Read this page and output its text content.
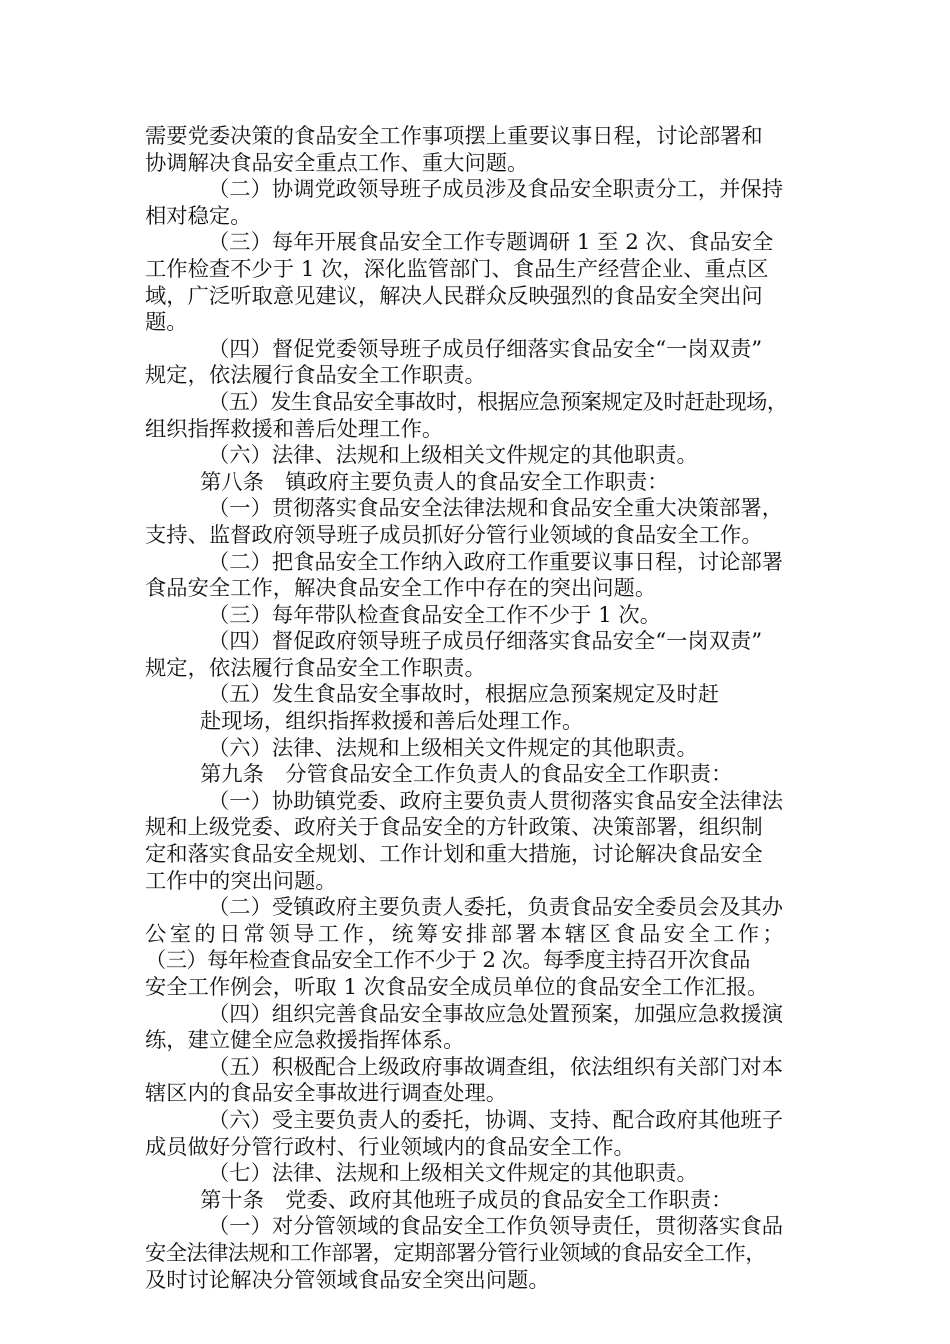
需要党委决策的食品安全工作事项摆上重要议事日程，讨论部署和
协调解决食品安全重点工作、重大问题。
（二）协调党政领导班子成员涉及食品安全职责分工，并保持
相对稳定。
（三）每年开展食品安全工作专题调研 1 至 2 次、食品安全
工作检查不少于 1 次，深化监管部门、食品生产经营企业、重点区
域，广泛听取意见建议，解决人民群众反映强烈的食品安全突出问
题。
（四）督促党委领导班子成员仔细落实食品安全“一岗双责”
规定，依法履行食品安全工作职责。
（五）发生食品安全事故时，根据应急预案规定及时赶赴现场，
组织指挥救援和善后处理工作。
（六）法律、法规和上级相关文件规定的其他职责。
第八条　镇政府主要负责人的食品安全工作职责：
（一）贯彻落实食品安全法律法规和食品安全重大决策部署，
支持、监督政府领导班子成员抓好分管行业领域的食品安全工作。
（二）把食品安全工作纳入政府工作重要议事日程，讨论部署
食品安全工作，解决食品安全工作中存在的突出问题。
（三）每年带队检查食品安全工作不少于 1 次。
（四）督促政府领导班子成员仔细落实食品安全“一岗双责”
规定，依法履行食品安全工作职责。
（五）发生食品安全事故时，根据应急预案规定及时赶
赴现场，组织指挥救援和善后处理工作。
（六）法律、法规和上级相关文件规定的其他职责。
第九条　分管食品安全工作负责人的食品安全工作职责：
（一）协助镇党委、政府主要负责人贯彻落实食品安全法律法
规和上级党委、政府关于食品安全的方针政策、决策部署，组织制
定和落实食品安全规划、工作计划和重大措施，讨论解决食品安全
工作中的突出问题。
（二）受镇政府主要负责人委托，负责食品安全委员会及其办
公室的日常领导工作，统筹安排部署本辖区食品安全工作；
（三）每年检查食品安全工作不少于 2 次。每季度主持召开次食品
安全工作例会，听取 1 次食品安全成员单位的食品安全工作汇报。
（四）组织完善食品安全事故应急处置预案，加强应急救援演
练，建立健全应急救援指挥体系。
（五）积极配合上级政府事故调查组，依法组织有关部门对本
辖区内的食品安全事故进行调查处理。
（六）受主要负责人的委托，协调、支持、配合政府其他班子
成员做好分管行政村、行业领域内的食品安全工作。
（七）法律、法规和上级相关文件规定的其他职责。
第十条　党委、政府其他班子成员的食品安全工作职责：
（一）对分管领域的食品安全工作负领导责任，贯彻落实食品
安全法律法规和工作部署，定期部署分管行业领域的食品安全工作，
及时讨论解决分管领域食品安全突出问题。
